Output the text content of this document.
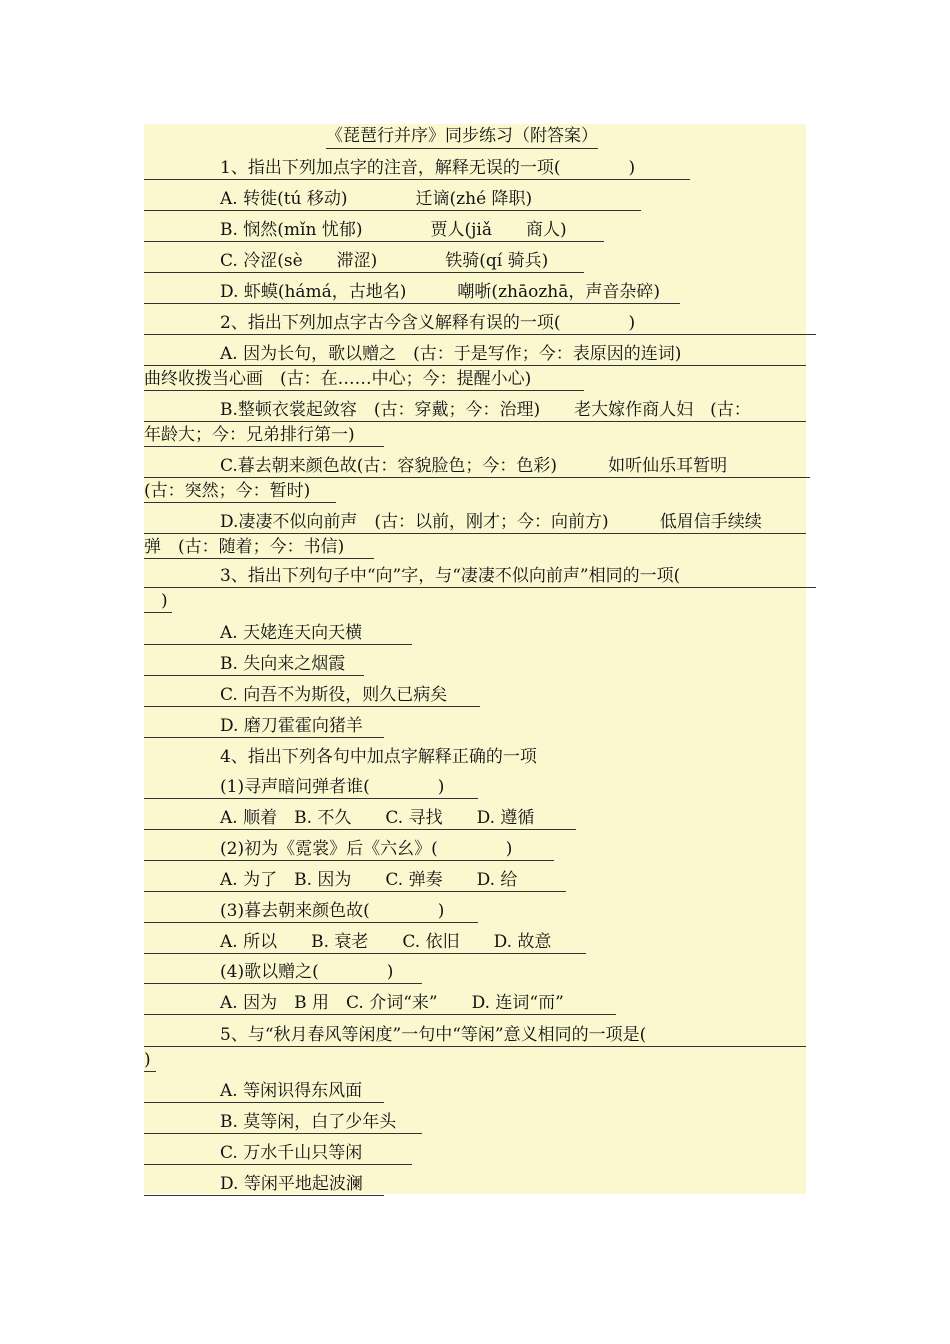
《琵琶行并序》同步练习（附答案）
1、指出下列加点字的注音，解释无误的一项(　　　　)
A. 转徙(tú 移动)　　　　迁谪(zhé 降职)
B. 悯然(mǐn 忧郁)　　　　贾人(jiǎ　　商人)
C. 冷涩(sè　　滞涩)　　　　铁骑(qí 骑兵)
D. 虾蟆(hámá，古地名)　　　嘲哳(zhāozhā，声音杂碎)
2、指出下列加点字古今含义解释有误的一项(　　　　)
A. 因为长句，歌以赠之　(古：于是写作；今：表原因的连词)
曲终收拨当心画　(古：在……中心；今：提醒小心)
B.整顿衣裳起敛容　(古：穿戴；今：治理)　　老大嫁作商人妇　(古：
年龄大；今：兄弟排行第一)
C.暮去朝来颜色故(古：容貌脸色；今：色彩)　　　如听仙乐耳暂明
(古：突然；今：暂时)
D.凄凄不似向前声　(古：以前，刚才；今：向前方)　　　低眉信手续续
弹　(古：随着；今：书信)
3、指出下列句子中“向”字，与“凄凄不似向前声”相同的一项(
　)
A. 天姥连天向天横
B. 失向来之烟霞
C. 向吾不为斯役，则久已病矣
D. 磨刀霍霍向猪羊
4、指出下列各句中加点字解释正确的一项
(1)寻声暗问弹者谁(　　　　)
A. 顺着　B. 不久　　C. 寻找　　D. 遵循
(2)初为《霓裳》后《六幺》(　　　　)
A. 为了　B. 因为　　C. 弹奏　　D. 给
(3)暮去朝来颜色故(　　　　)
A. 所以　　B. 衰老　　C. 依旧　　D. 故意
(4)歌以赠之(　　　　)
A. 因为　B 用　C. 介词“来”　　D. 连词“而”
5、与“秋月春风等闲度”一句中“等闲”意义相同的一项是(
)
A. 等闲识得东风面
B. 莫等闲，白了少年头
C. 万水千山只等闲
D. 等闲平地起波澜
